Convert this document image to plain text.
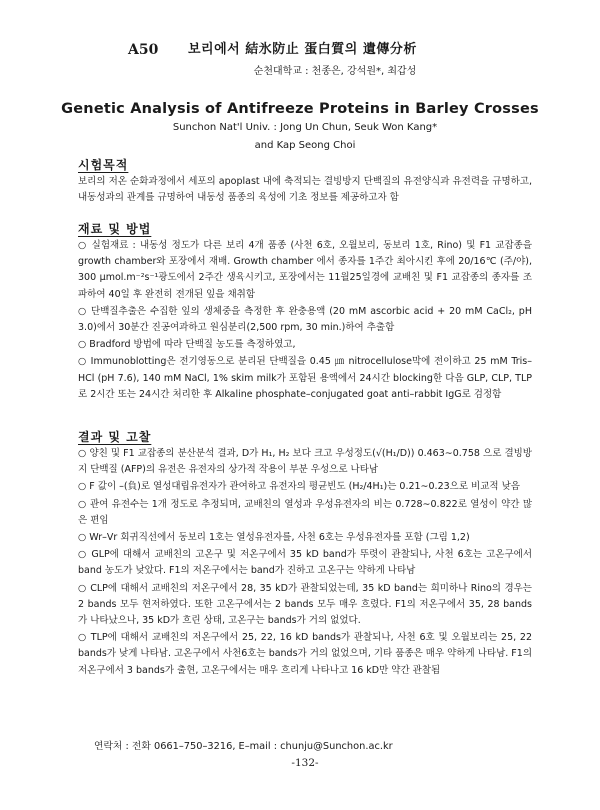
A50 보리에서 結氷防止 蛋白質의 遺傳分析
순천대학교 : 천종은, 강석원*, 최갑성
Genetic Analysis of Antifreeze Proteins in Barley Crosses
Sunchon Nat'l Univ. : Jong Un Chun, Seuk Won Kang*
and Kap Seong Choi
시험목적

보리의 저온 순화과정에서 세포의 apoplast 내에 축적되는 결빙방지 단백질의 유전양식과 유전력을 규명하고, 내동성과의 관계를 규명하여 내동성 품종의 육성에 기초 정보를 제공하고자 함

재료 및 방법

○ 실험재료 : 내동성 정도가 다른 보리 4개 품종 (사천 6호, 오월보리, 동보리 1호, Rino) 및 F1 교잡종을 growth chamber와 포장에서 재배. Growth chamber 에서 종자를 1주간 최아시킨 후에 20/16℃ (주/야), 300 μmol.m⁻²s⁻¹광도에서 2주간 생육시키고, 포장에서는 11월25일경에 교배친 및 F1 교잡종의 종자를 조파하여 40일 후 완전히 전개된 잎을 채취함

○ 단백질추출은 수집한 잎의 생체중을 측정한 후 완충용액 (20 mM ascorbic acid + 20 mM CaCl₂, pH 3.0)에서 30분간 진공여과하고 원심분리(2,500 rpm, 30 min.)하여 추출함

○ Bradford 방법에 따라 단백질 농도를 측정하였고,

○ Immunoblotting은 전기영동으로 분리된 단백질을 0.45 ㎛ nitrocellulose막에 전이하고 25 mM Tris–HCl (pH 7.6), 140 mM NaCl, 1% skim milk가 포함된 용액에서 24시간 blocking한 다음 GLP, CLP, TLP 로 2시간 또는 24시간 처리한 후 Alkaline phosphate–conjugated goat anti–rabbit IgG로 검정함

결과 및 고찰

○ 양친 및 F1 교잡종의 분산분석 결과, D가 H₁, H₂ 보다 크고 우성정도(√(H₁/D)) 0.463∼0.758 으로 결빙방지 단백질 (AFP)의 유전은 유전자의 상가적 작용이 부분 우성으로 나타남

○ F 값이 –(負)로 열성대립유전자가 관여하고 유전자의 평균빈도 (H₂/4H₁)는 0.21∼0.23으로 비교적 낮음

○ 관여 유전수는 1개 정도로 추정되며, 교배친의 열성과 우성유전자의 비는 0.728∼0.822로 열성이 약간 많은 편임

○ Wr–Vr 회귀직선에서 동보리 1호는 열성유전자를, 사천 6호는 우성유전자를 포함 (그림 1,2)

○ GLP에 대해서 교배친의 고온구 및 저온구에서 35 kD band가 뚜렷이 관찰되나, 사천 6호는 고온구에서 band 농도가 낮았다. F1의 저온구에서는 band가 진하고 고온구는 약하게 나타남

○ CLP에 대해서 교배친의 저온구에서 28, 35 kD가 관찰되었는데, 35 kD band는 희미하나 Rino의 경우는 2 bands 모두 현저하였다. 또한 고온구에서는 2 bands 모두 매우 흐렸다. F1의 저온구에서 35, 28 bands가 나타났으나, 35 kD가 흐린 상태, 고온구는 bands가 거의 없었다.

○ TLP에 대해서 교배친의 저온구에서 25, 22, 16 kD bands가 관찰되나, 사천 6호 및 오월보리는 25, 22 bands가 낮게 나타남. 고온구에서 사천6호는 bands가 거의 없었으며, 기타 품종은 매우 약하게 나타남. F1의 저온구에서 3 bands가 출현, 고온구에서는 매우 흐리게 나타나고 16 kD만 약간 관찰됨

연락처 : 전화 0661–750–3216, E–mail : chunju@Sunchon.ac.kr
-132-
